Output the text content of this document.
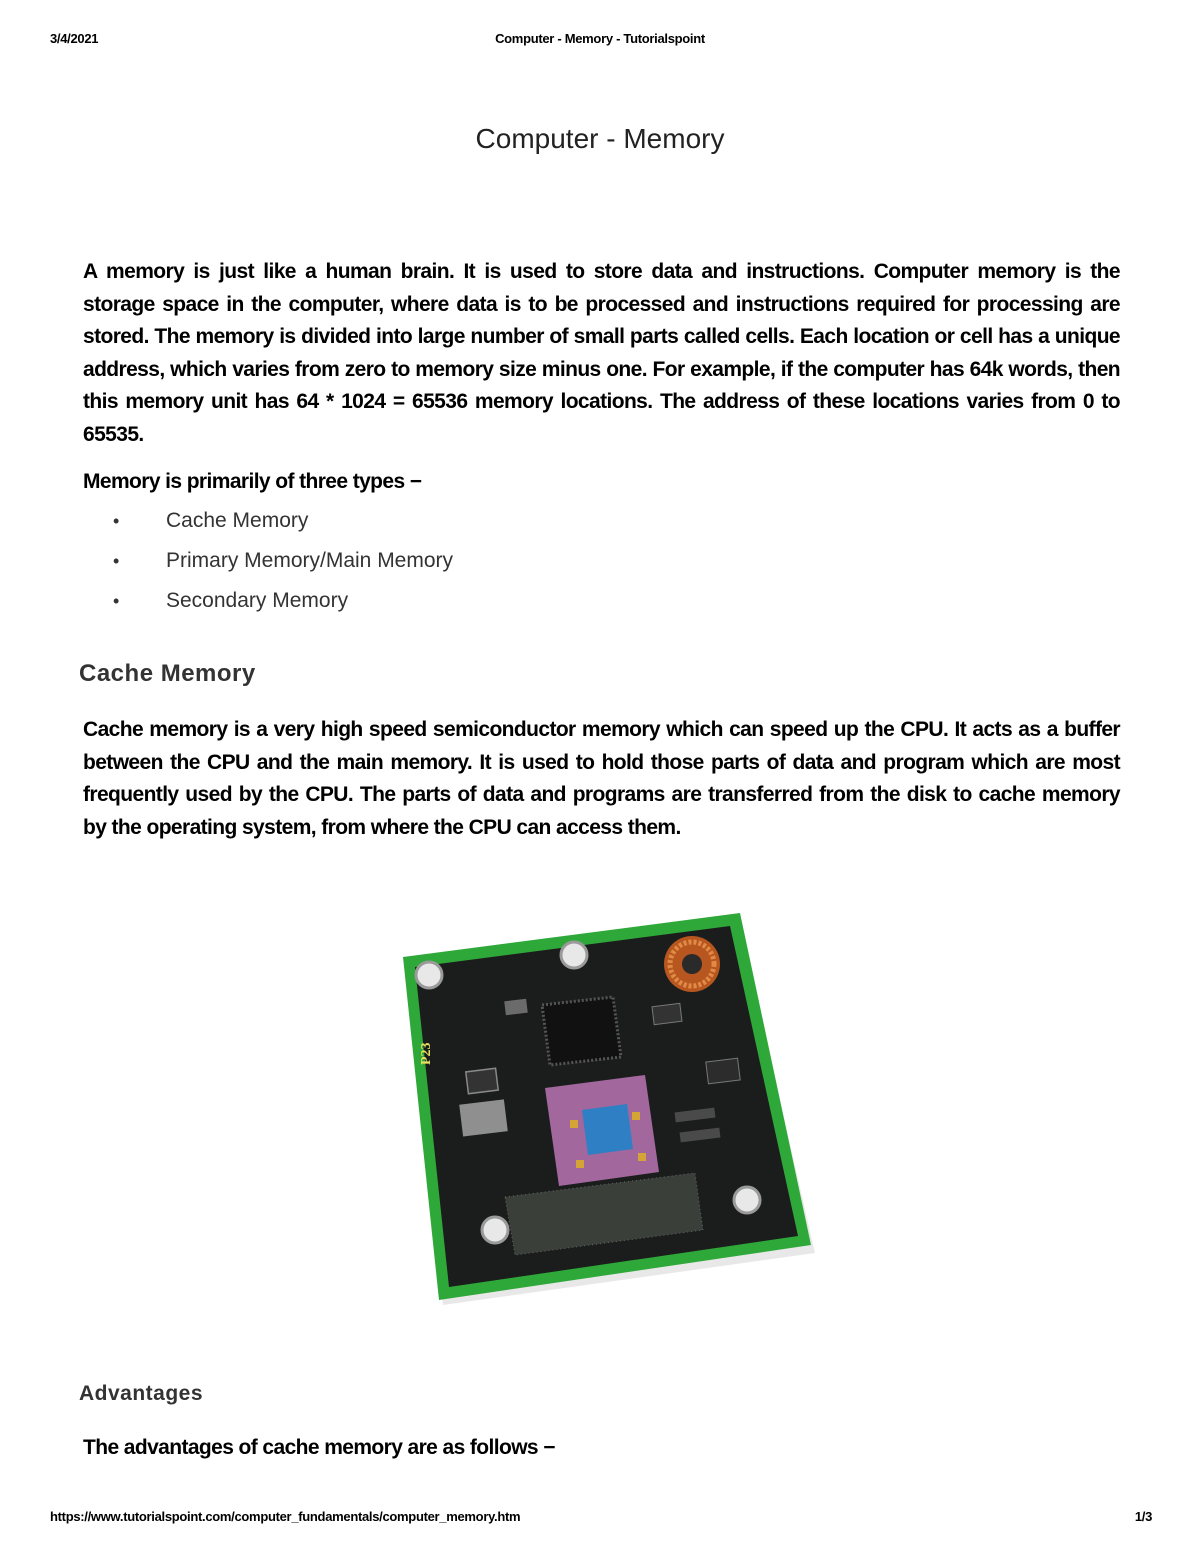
3/4/2021	Computer - Memory - Tutorialspoint
Computer - Memory

A memory is just like a human brain. It is used to store data and instructions. Computer memory is the storage space in the computer, where data is to be processed and instructions required for processing are stored. The memory is divided into large number of small parts called cells. Each location or cell has a unique address, which varies from zero to memory size minus one. For example, if the computer has 64k words, then this memory unit has 64 * 1024 = 65536 memory locations. The address of these locations varies from 0 to 65535.

Memory is primarily of three types −

• Cache Memory
• Primary Memory/Main Memory
• Secondary Memory
Cache Memory

Cache memory is a very high speed semiconductor memory which can speed up the CPU. It acts as a buffer between the CPU and the main memory. It is used to hold those parts of data and program which are most frequently used by the CPU. The parts of data and programs are transferred from the disk to cache memory by the operating system, from where the CPU can access them.

P23
Advantages

The advantages of cache memory are as follows −

https://www.tutorialspoint.com/computer_fundamentals/computer_memory.htm	1/3
